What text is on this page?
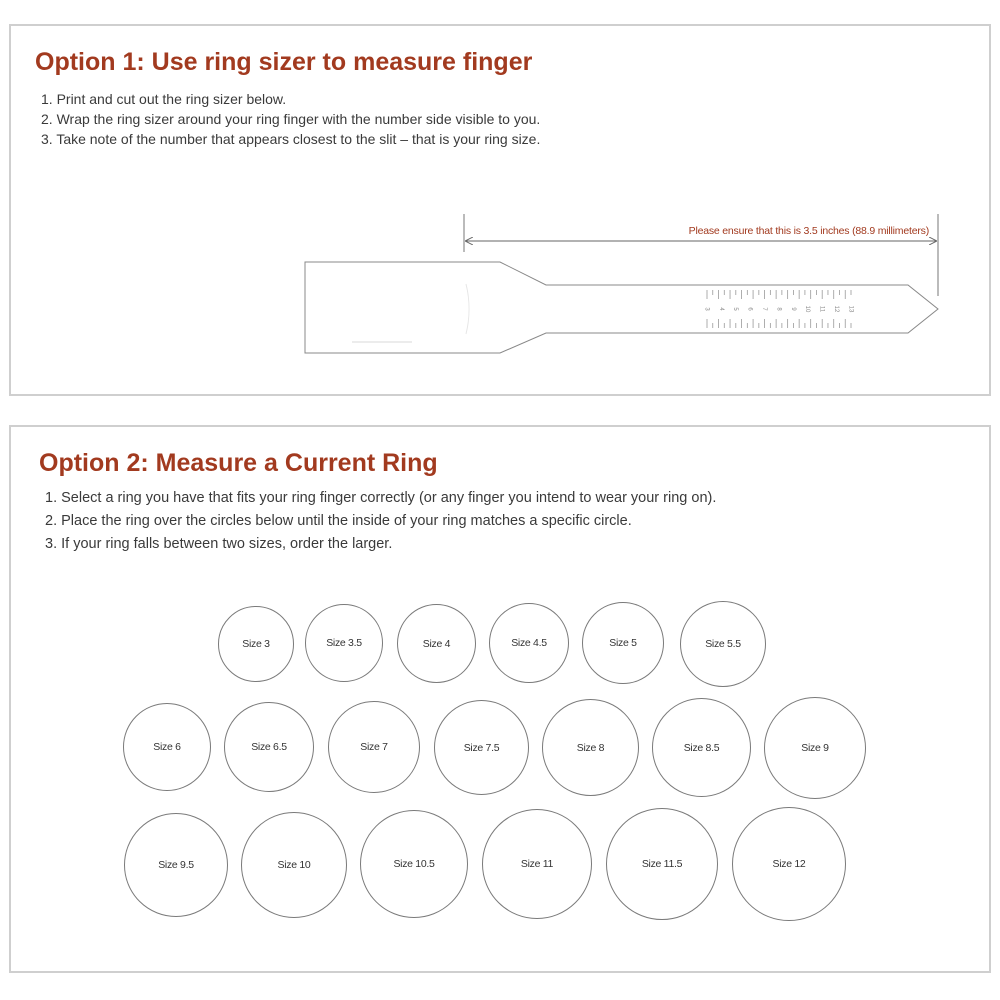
Option 1: Use ring sizer to measure finger
1. Print and cut out the ring sizer below.
2. Wrap the ring sizer around your ring finger with the number side visible to you.
3. Take note of the number that appears closest to the slit – that is your ring size.
Please ensure that this is 3.5 inches (88.9 millimeters)
3 4 5 6 7 8 9 10 11 12 13
Option 2: Measure a Current Ring
1. Select a ring you have that fits your ring finger correctly (or any finger you intend to wear your ring on).
2. Place the ring over the circles below until the inside of your ring matches a specific circle.
3. If your ring falls between two sizes, order the larger.
Size 3	Size 3.5	Size 4	Size 4.5	Size 5	Size 5.5
Size 6	Size 6.5	Size 7	Size 7.5	Size 8	Size 8.5	Size 9
Size 9.5	Size 10	Size 10.5	Size 11	Size 11.5	Size 12
